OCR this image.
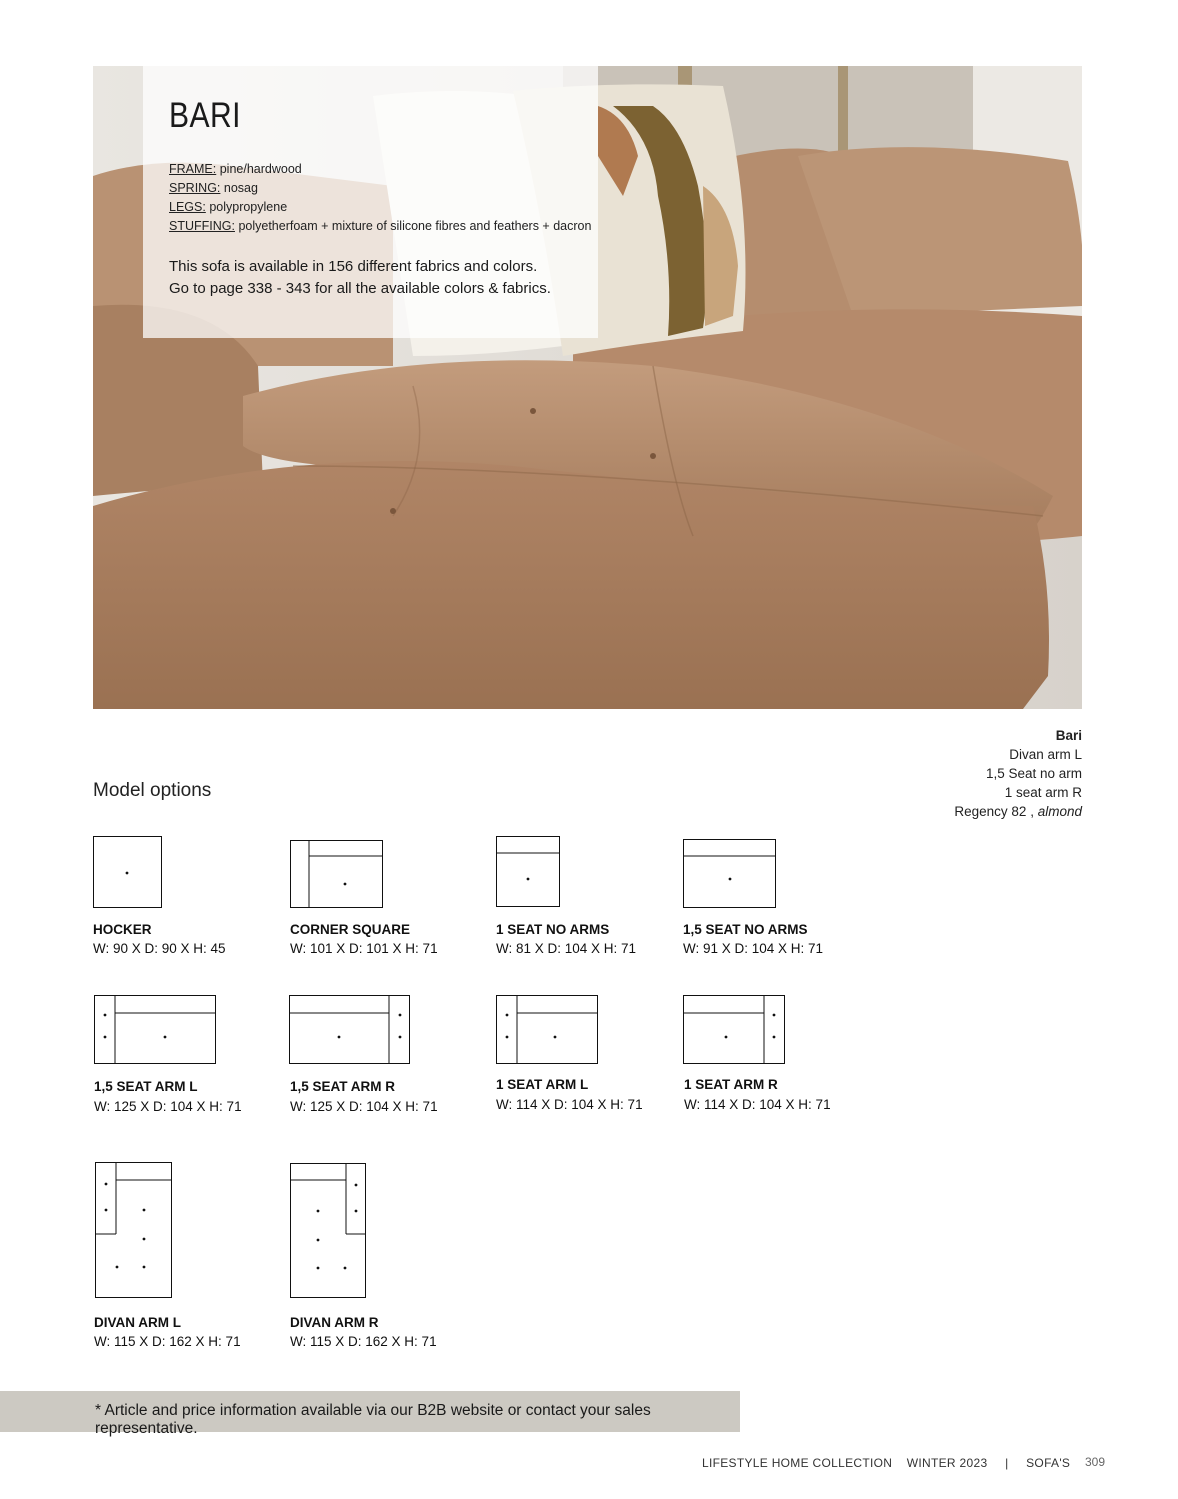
BARI
FRAME: pine/hardwood
SPRING: nosag
LEGS: polypropylene
STUFFING: polyetherfoam + mixture of silicone fibres and feathers + dacron
This sofa is available in 156 different fabrics and colors.
Go to page 338 - 343 for all the available colors & fabrics.
Bari
Divan arm L
1,5 Seat no arm
1 seat arm R
Regency 82 , almond
Model options
HOCKER
W: 90 X D: 90 X H: 45
CORNER SQUARE
W: 101 X D: 101 X H: 71
1 SEAT NO ARMS
W: 81 X D: 104 X H: 71
1,5 SEAT NO ARMS
W: 91 X D: 104 X H: 71
1,5 SEAT ARM L
W: 125 X D: 104 X H: 71
1,5 SEAT ARM R
W: 125 X D: 104 X H: 71
1 SEAT ARM L
W: 114 X D: 104 X H: 71
1 SEAT ARM R
W: 114 X D: 104 X H: 71
DIVAN ARM L
W: 115 X D: 162 X H: 71
DIVAN ARM R
W: 115 X D: 162 X H: 71
* Article and price information available via our B2B website or contact your sales representative.
LIFESTYLE HOME COLLECTION WINTER 2023 | SOFA'S 309
